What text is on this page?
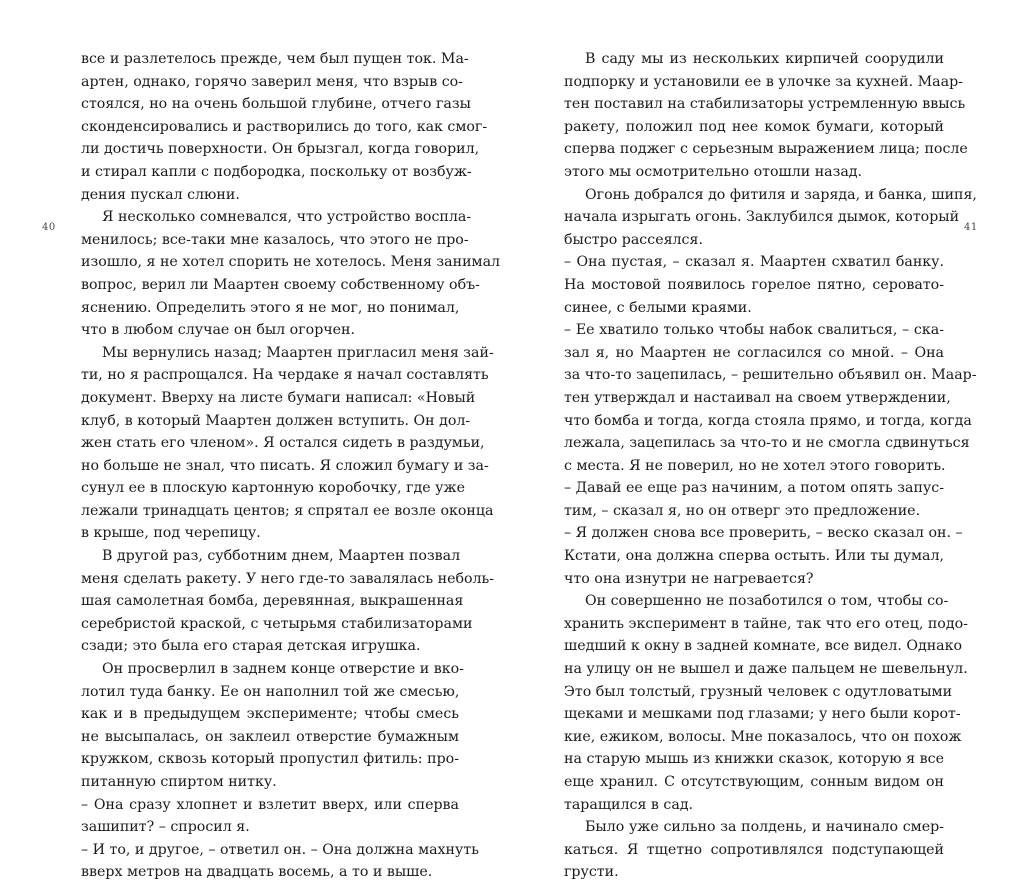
40	41
все и разлетелось прежде, чем был пущен ток. Ма-
артен, однако, горячо заверил меня, что взрыв со-
стоялся, но на очень большой глубине, отчего газы
сконденсировались и растворились до того, как смог-
ли достичь поверхности. Он брызгал, когда говорил,
и стирал капли с подбородка, поскольку от возбуж-
дения пускал слюни.
Я несколько сомневался, что устройство воспла-
менилось; все-таки мне казалось, что этого не про-
изошло, я не хотел спорить не хотелось. Меня занимал
вопрос, верил ли Маартен своему собственному объ-
яснению. Определить этого я не мог, но понимал,
что в любом случае он был огорчен.
Мы вернулись назад; Маартен пригласил меня зай-
ти, но я распрощался. На чердаке я начал составлять
документ. Вверху на листе бумаги написал: «Новый
клуб, в который Маартен должен вступить. Он дол-
жен стать его членом». Я остался сидеть в раздумьи,
но больше не знал, что писать. Я сложил бумагу и за-
сунул ее в плоскую картонную коробочку, где уже
лежали тринадцать центов; я спрятал ее возле оконца
в крыше, под черепицу.
В другой раз, субботним днем, Маартен позвал
меня сделать ракету. У него где-то завалялась неболь-
шая самолетная бомба, деревянная, выкрашенная
серебристой краской, с четырьмя стабилизаторами
сзади; это была его старая детская игрушка.
Он просверлил в заднем конце отверстие и вко-
лотил туда банку. Ее он наполнил той же смесью,
как и в предыдущем эксперименте; чтобы смесь
не высыпалась, он заклеил отверстие бумажным
кружком, сквозь который пропустил фитиль: про-
питанную спиртом нитку.
– Она сразу хлопнет и взлетит вверх, или сперва
зашипит? – спросил я.
– И то, и другое, – ответил он. – Она должна махнуть
вверх метров на двадцать восемь, а то и выше.
В саду мы из нескольких кирпичей соорудили
подпорку и установили ее в улочке за кухней. Маар-
тен поставил на стабилизаторы устремленную ввысь
ракету, положил под нее комок бумаги, который
сперва поджег с серьезным выражением лица; после
этого мы осмотрительно отошли назад.
Огонь добрался до фитиля и заряда, и банка, шипя,
начала изрыгать огонь. Заклубился дымок, который
быстро рассеялся.
– Она пустая, – сказал я. Маартен схватил банку.
На мостовой появилось горелое пятно, серовато-
синее, с белыми краями.
– Ее хватило только чтобы набок свалиться, – ска-
зал я, но Маартен не согласился со мной. – Она
за что-то зацепилась, – решительно объявил он. Маар-
тен утверждал и настаивал на своем утверждении,
что бомба и тогда, когда стояла прямо, и тогда, когда
лежала, зацепилась за что-то и не смогла сдвинуться
с места. Я не поверил, но не хотел этого говорить.
– Давай ее еще раз начиним, а потом опять запус-
тим, – сказал я, но он отверг это предложение.
– Я должен снова все проверить, – веско сказал он. –
Кстати, она должна сперва остыть. Или ты думал,
что она изнутри не нагревается?
Он совершенно не позаботился о том, чтобы со-
хранить эксперимент в тайне, так что его отец, подо-
шедший к окну в задней комнате, все видел. Однако
на улицу он не вышел и даже пальцем не шевельнул.
Это был толстый, грузный человек с одутловатыми
щеками и мешками под глазами; у него были корот-
кие, ежиком, волосы. Мне показалось, что он похож
на старую мышь из книжки сказок, которую я все
еще хранил. С отсутствующим, сонным видом он
таращился в сад.
Было уже сильно за полдень, и начинало смер-
каться. Я тщетно сопротивлялся подступающей
грусти.
